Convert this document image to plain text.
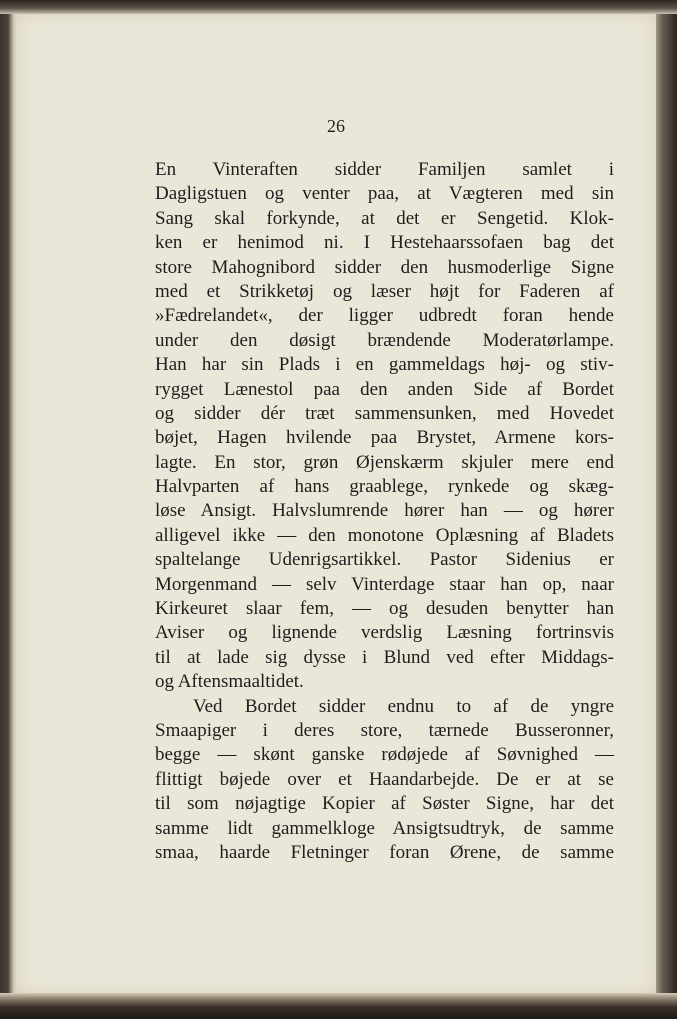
26

En Vinteraften sidder Familjen samlet i
Dagligstuen og venter paa, at Vægteren med sin
Sang skal forkynde, at det er Sengetid. Klok-
ken er henimod ni. I Hestehaarssofaen bag det
store Mahognibord sidder den husmoderlige Signe
med et Strikketøj og læser højt for Faderen af
»Fædrelandet«, der ligger udbredt foran hende
under den døsigt brændende Moderatørlampe.
Han har sin Plads i en gammeldags høj- og stiv-
rygget Lænestol paa den anden Side af Bordet
og sidder dér træt sammensunken, med Hovedet
bøjet, Hagen hvilende paa Brystet, Armene kors-
lagte. En stor, grøn Øjenskærm skjuler mere end
Halvparten af hans graablege, rynkede og skæg-
løse Ansigt. Halvslumrende hører han — og hører
alligevel ikke — den monotone Oplæsning af Bladets
spaltelange Udenrigsartikkel. Pastor Sidenius er
Morgenmand — selv Vinterdage staar han op, naar
Kirkeuret slaar fem, — og desuden benytter han
Aviser og lignende verdslig Læsning fortrinsvis
til at lade sig dysse i Blund ved efter Middags-
og Aftensmaaltidet.
Ved Bordet sidder endnu to af de yngre
Smaapiger i deres store, tærnede Busseronner,
begge — skønt ganske rødøjede af Søvnighed —
flittigt bøjede over et Haandarbejde. De er at se
til som nøjagtige Kopier af Søster Signe, har det
samme lidt gammelkloge Ansigtsudtryk, de samme
smaa, haarde Fletninger foran Ørene, de samme
